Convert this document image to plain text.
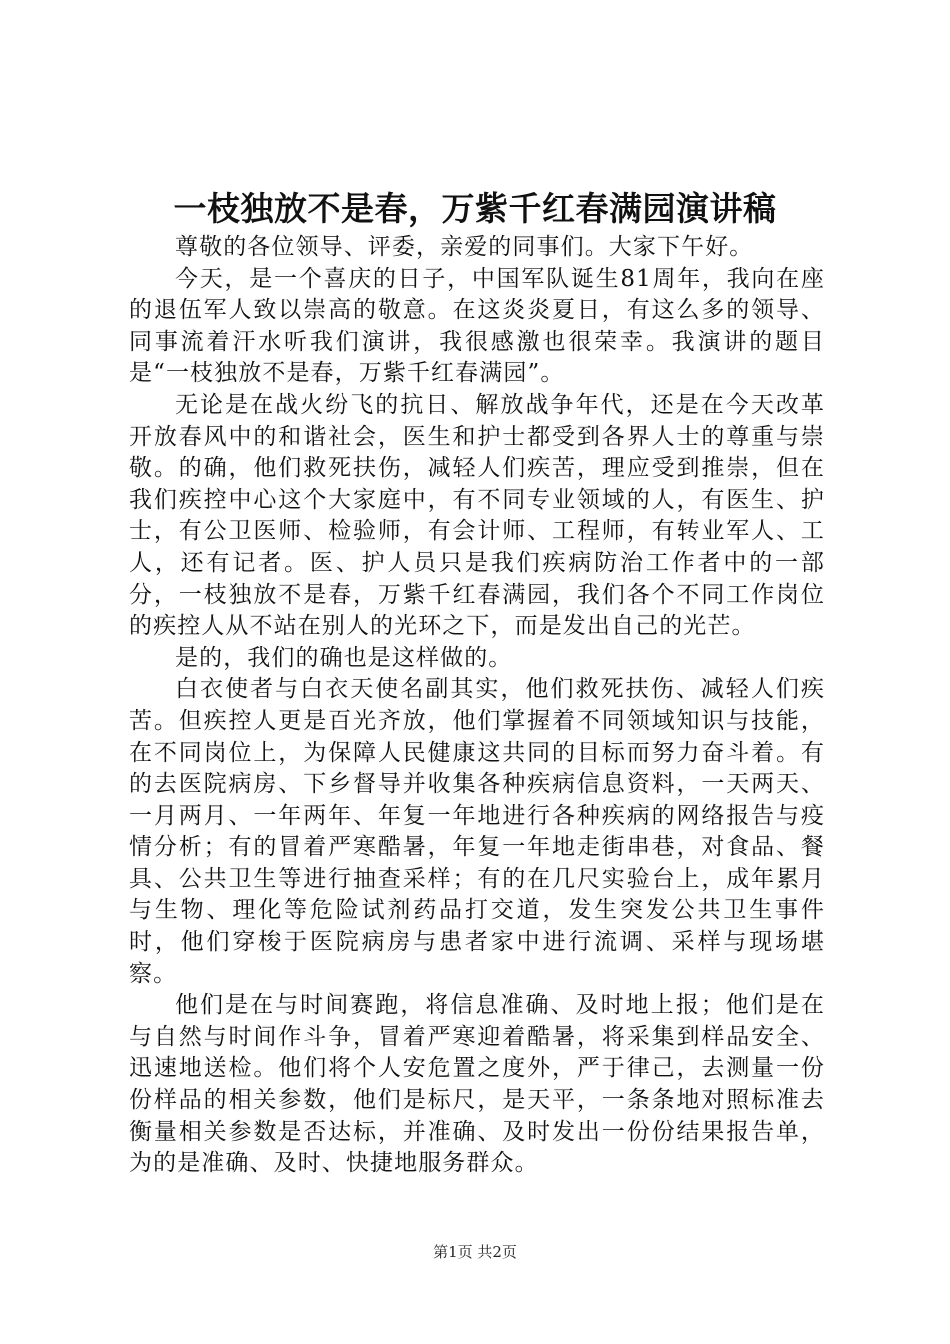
一枝独放不是春，万紫千红春满园演讲稿

尊敬的各位领导、评委，亲爱的同事们。大家下午好。

今天，是一个喜庆的日子，中国军队诞生81周年，我向在座的退伍军人致以崇高的敬意。在这炎炎夏日，有这么多的领导、同事流着汗水听我们演讲，我很感激也很荣幸。我演讲的题目是“一枝独放不是春，万紫千红春满园”。

无论是在战火纷飞的抗日、解放战争年代，还是在今天改革开放春风中的和谐社会，医生和护士都受到各界人士的尊重与崇敬。的确，他们救死扶伤，减轻人们疾苦，理应受到推崇，但在我们疾控中心这个大家庭中，有不同专业领域的人，有医生、护士，有公卫医师、检验师，有会计师、工程师，有转业军人、工人，还有记者。医、护人员只是我们疾病防治工作者中的一部分，一枝独放不是春，万紫千红春满园，我们各个不同工作岗位的疾控人从不站在别人的光环之下，而是发出自己的光芒。

是的，我们的确也是这样做的。

白衣使者与白衣天使名副其实，他们救死扶伤、减轻人们疾苦。但疾控人更是百光齐放，他们掌握着不同领域知识与技能，在不同岗位上，为保障人民健康这共同的目标而努力奋斗着。有的去医院病房、下乡督导并收集各种疾病信息资料，一天两天、一月两月、一年两年、年复一年地进行各种疾病的网络报告与疫情分析；有的冒着严寒酷暑，年复一年地走街串巷，对食品、餐具、公共卫生等进行抽查采样；有的在几尺实验台上，成年累月与生物、理化等危险试剂药品打交道，发生突发公共卫生事件时，他们穿梭于医院病房与患者家中进行流调、采样与现场堪察。

他们是在与时间赛跑，将信息准确、及时地上报；他们是在与自然与时间作斗争，冒着严寒迎着酷暑，将采集到样品安全、迅速地送检。他们将个人安危置之度外，严于律己，去测量一份份样品的相关参数，他们是标尺，是天平，一条条地对照标准去衡量相关参数是否达标，并准确、及时发出一份份结果报告单，为的是准确、及时、快捷地服务群众。

第1页 共2页
